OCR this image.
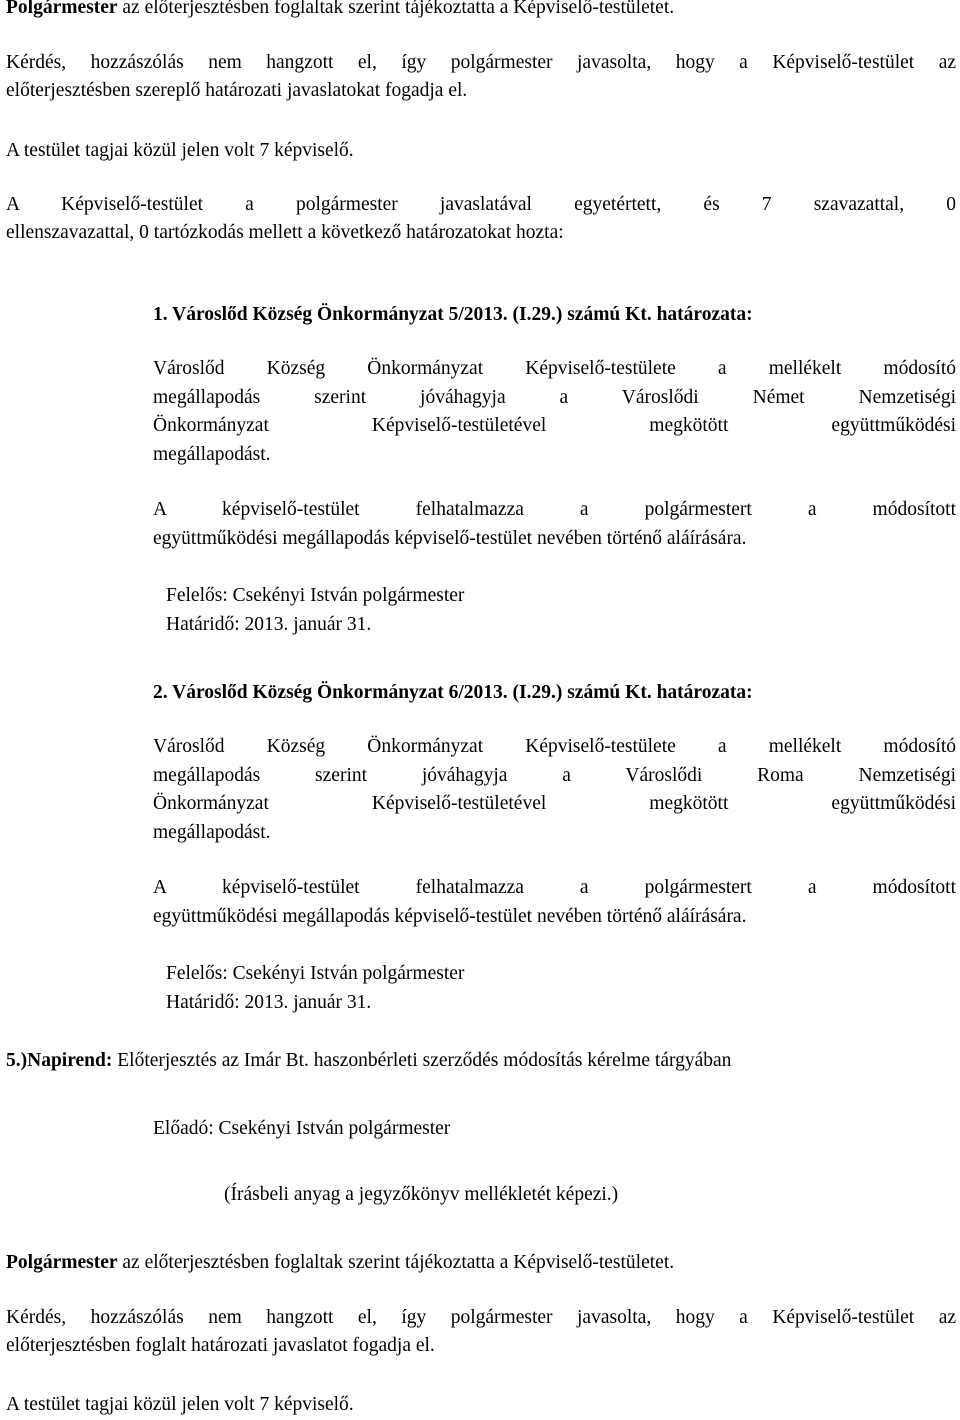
Polgármester az előterjesztésben foglaltak szerint tájékoztatta a Képviselő-testületet.

Kérdés, hozzászólás nem hangzott el, így polgármester javasolta, hogy a Képviselő-testület az
előterjesztésben szereplő határozati javaslatokat fogadja el.

A testület tagjai közül jelen volt 7 képviselő.

A Képviselő-testület a polgármester javaslatával egyetértett, és 7 szavazattal, 0
ellenszavazattal, 0 tartózkodás mellett a következő határozatokat hozta:

1. Városlőd Község Önkormányzat 5/2013. (I.29.) számú Kt. határozata:

Városlőd Község Önkormányzat Képviselő-testülete a mellékelt módosító
megállapodás szerint jóváhagyja a Városlődi Német Nemzetiségi
Önkormányzat Képviselő-testületével megkötött együttműködési
megállapodást.
A képviselő-testület felhatalmazza a polgármestert a módosított
együttműködési megállapodás képviselő-testület nevében történő aláírására.
Felelős: Csekényi István polgármester
Határidő: 2013. január 31.

2. Városlőd Község Önkormányzat 6/2013. (I.29.) számú Kt. határozata:

Városlőd Község Önkormányzat Képviselő-testülete a mellékelt módosító
megállapodás szerint jóváhagyja a Városlődi Roma Nemzetiségi
Önkormányzat Képviselő-testületével megkötött együttműködési
megállapodást.
A képviselő-testület felhatalmazza a polgármestert a módosított
együttműködési megállapodás képviselő-testület nevében történő aláírására.
Felelős: Csekényi István polgármester
Határidő: 2013. január 31.

5.)Napirend: Előterjesztés az Imár Bt. haszonbérleti szerződés módosítás kérelme tárgyában

Előadó: Csekényi István polgármester

(Írásbeli anyag a jegyzőkönyv mellékletét képezi.)

Polgármester az előterjesztésben foglaltak szerint tájékoztatta a Képviselő-testületet.

Kérdés, hozzászólás nem hangzott el, így polgármester javasolta, hogy a Képviselő-testület az
előterjesztésben foglalt határozati javaslatot fogadja el.

A testület tagjai közül jelen volt 7 képviselő.
